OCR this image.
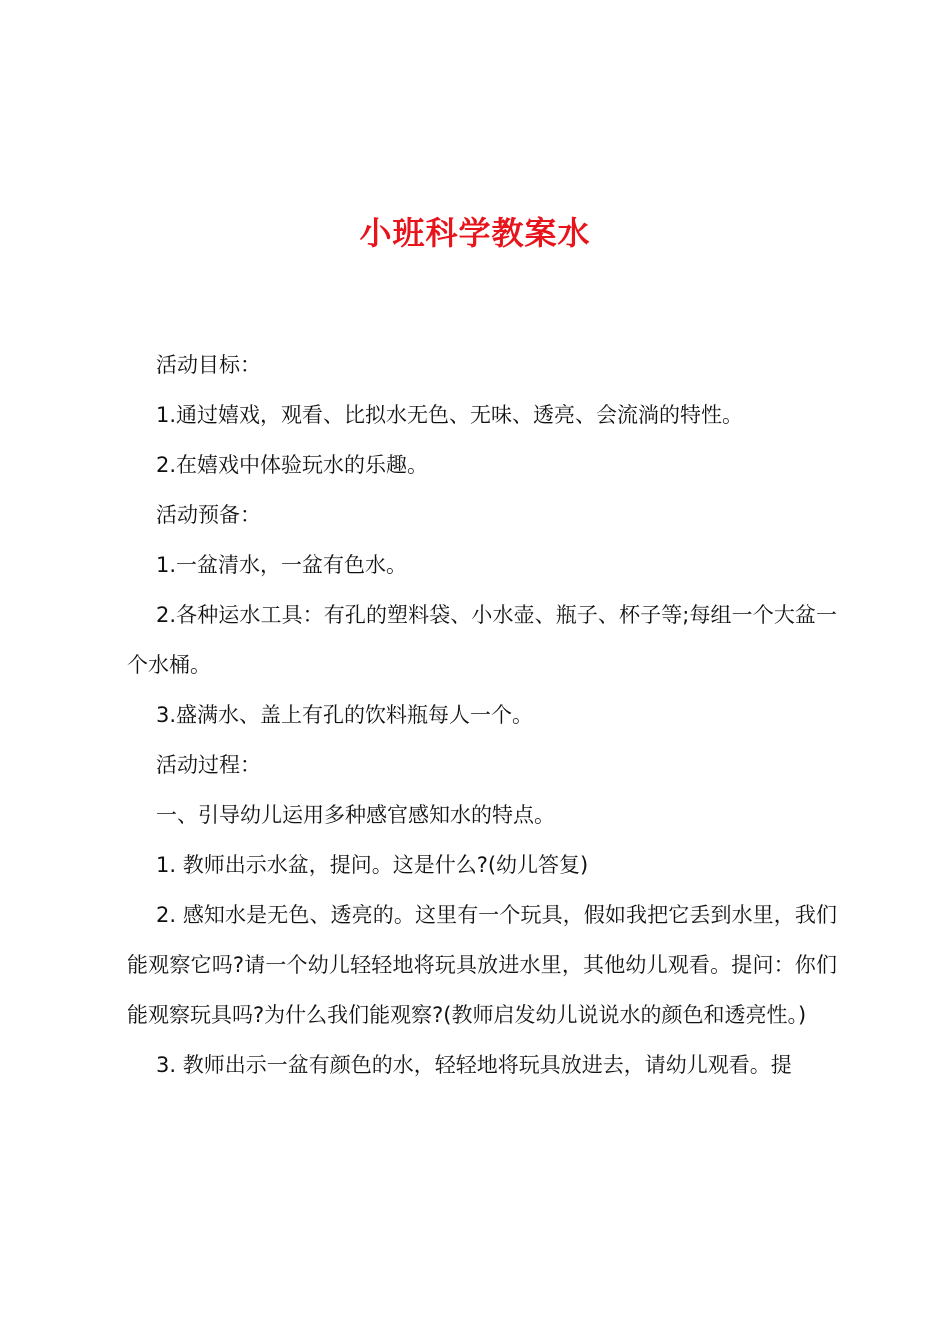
小班科学教案水

活动目标：

1.通过嬉戏，观看、比拟水无色、无味、透亮、会流淌的特性。

2.在嬉戏中体验玩水的乐趣。

活动预备：

1.一盆清水，一盆有色水。

2.各种运水工具：有孔的塑料袋、小水壶、瓶子、杯子等;每组一个大盆一个水桶。

3.盛满水、盖上有孔的饮料瓶每人一个。

活动过程：

一、引导幼儿运用多种感官感知水的特点。

1. 教师出示水盆，提问。这是什么?(幼儿答复)

2. 感知水是无色、透亮的。这里有一个玩具，假如我把它丢到水里，我们能观察它吗?请一个幼儿轻轻地将玩具放进水里，其他幼儿观看。提问：你们能观察玩具吗?为什么我们能观察?(教师启发幼儿说说水的颜色和透亮性。)

3. 教师出示一盆有颜色的水，轻轻地将玩具放进去，请幼儿观看。提
